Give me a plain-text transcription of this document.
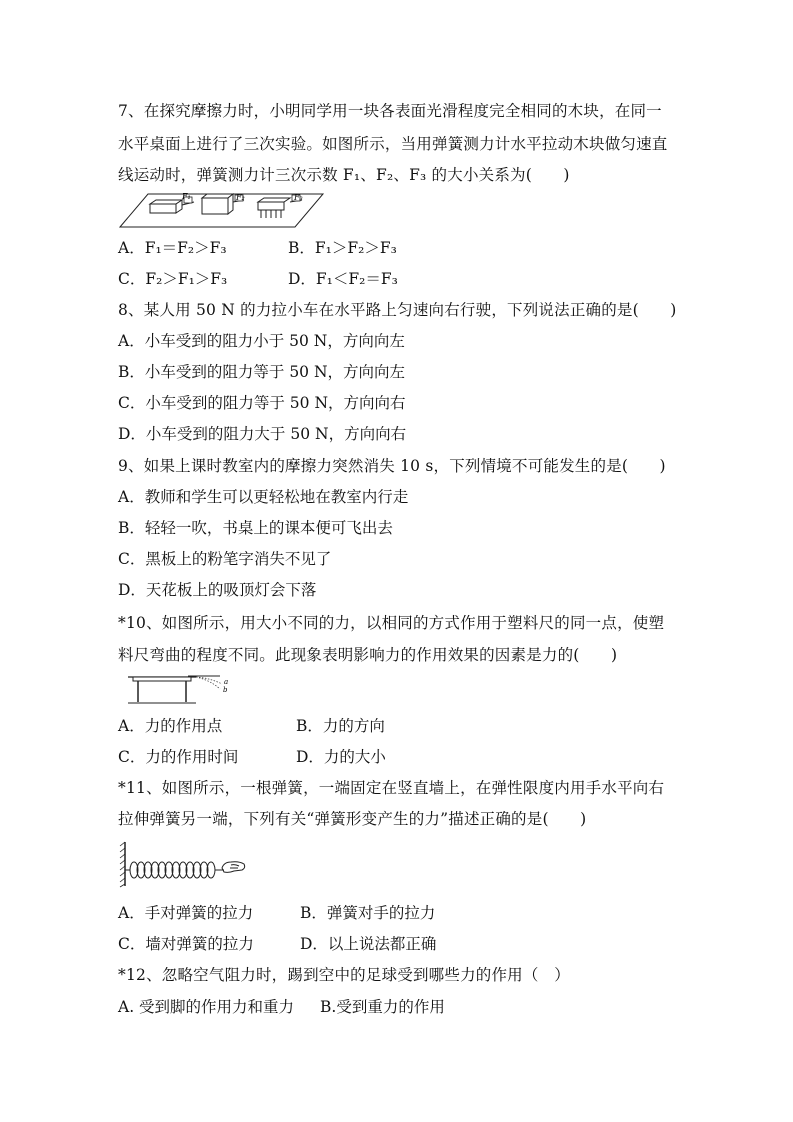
7、在探究摩擦力时，小明同学用一块各表面光滑程度完全相同的木块，在同一
水平桌面上进行了三次实验。如图所示，当用弹簧测力计水平拉动木块做匀速直
线运动时，弹簧测力计三次示数 F₁、F₂、F₃ 的大小关系为(　　)
F₁	F₂	F₃
A．F₁＝F₂＞F₃	B．F₁＞F₂＞F₃
C．F₂＞F₁＞F₃	D．F₁＜F₂＝F₃
8、某人用 50 N 的力拉小车在水平路上匀速向右行驶，下列说法正确的是(　　)
A．小车受到的阻力小于 50 N，方向向左
B．小车受到的阻力等于 50 N，方向向左
C．小车受到的阻力等于 50 N，方向向右
D．小车受到的阻力大于 50 N，方向向右
9、如果上课时教室内的摩擦力突然消失 10 s，下列情境不可能发生的是(　　)
A．教师和学生可以更轻松地在教室内行走
B．轻轻一吹，书桌上的课本便可飞出去
C．黑板上的粉笔字消失不见了
D．天花板上的吸顶灯会下落
*10、如图所示，用大小不同的力，以相同的方式作用于塑料尺的同一点，使塑
料尺弯曲的程度不同。此现象表明影响力的作用效果的因素是力的(　　)
a
b
A．力的作用点	B．力的方向
C．力的作用时间	D．力的大小
*11、如图所示，一根弹簧，一端固定在竖直墙上，在弹性限度内用手水平向右
拉伸弹簧另一端，下列有关“弹簧形变产生的力”描述正确的是(　　)
A．手对弹簧的拉力	B．弹簧对手的拉力
C．墙对弹簧的拉力	D．以上说法都正确
*12、忽略空气阻力时，踢到空中的足球受到哪些力的作用（　）
A. 受到脚的作用力和重力 B.受到重力的作用
